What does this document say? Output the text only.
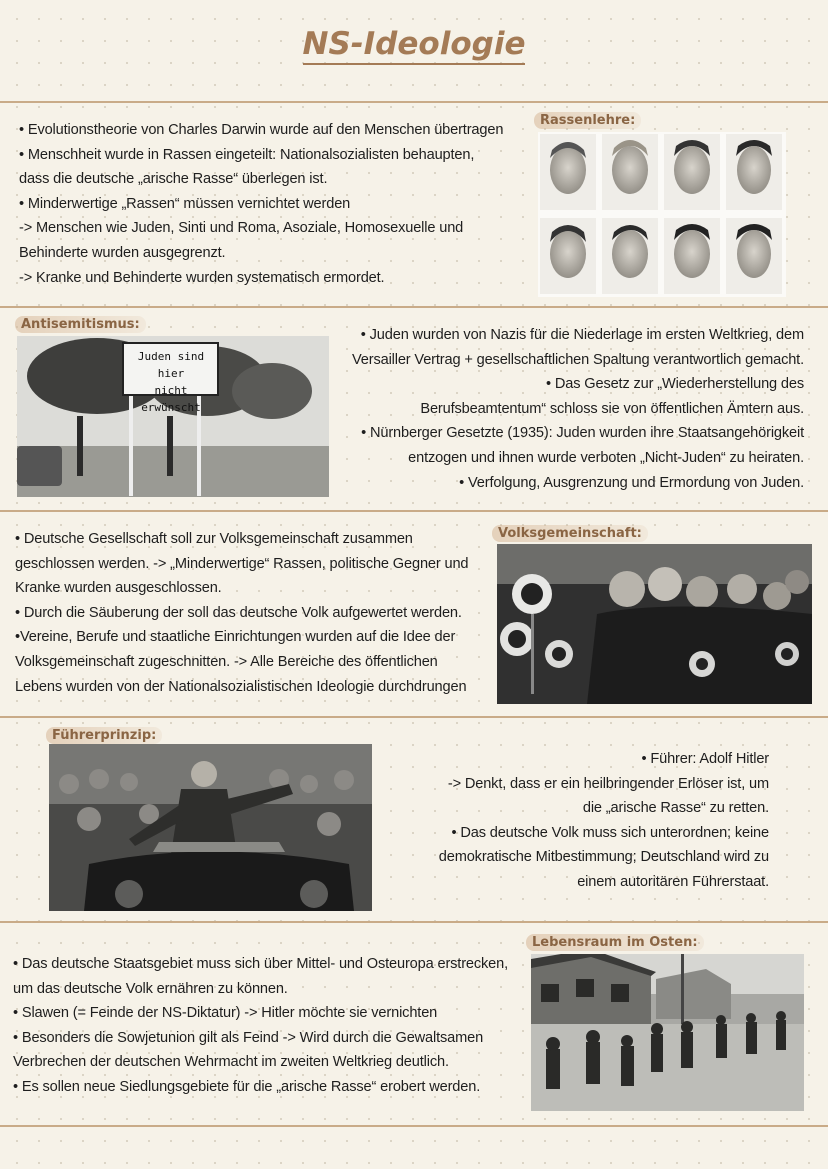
NS-Ideologie
• Evolutionstheorie von Charles Darwin wurde auf den Menschen übertragen
• Menschheit wurde in Rassen eingeteilt: Nationalsozialisten behaupten,
dass die deutsche „arische Rasse“ überlegen ist.
• Minderwertige „Rassen“ müssen vernichtet werden
-> Menschen wie Juden, Sinti und Roma, Asoziale, Homosexuelle und
Behinderte wurden ausgegrenzt.
-> Kranke und Behinderte wurden systematisch ermordet.
Rassenlehre:
Antisemitismus:
Juden sind hier
nicht erwünscht
• Juden wurden von Nazis für die Niederlage im ersten Weltkrieg, dem
Versailler Vertrag + gesellschaftlichen Spaltung verantwortlich gemacht.
• Das Gesetz zur „Wiederherstellung des
Berufsbeamtentum“ schloss sie von öffentlichen Ämtern aus.
• Nürnberger Gesetzte (1935): Juden wurden ihre Staatsangehörigkeit
entzogen und ihnen wurde verboten „Nicht-Juden“ zu heiraten.
• Verfolgung, Ausgrenzung und Ermordung von Juden.
• Deutsche Gesellschaft soll zur Volksgemeinschaft zusammen
geschlossen werden. -> „Minderwertige“ Rassen, politische Gegner und
Kranke wurden ausgeschlossen.
• Durch die Säuberung der soll das deutsche Volk aufgewertet werden.
•Vereine, Berufe und staatliche Einrichtungen wurden auf die Idee der
Volksgemeinschaft zugeschnitten. -> Alle Bereiche des öffentlichen
Lebens wurden von der Nationalsozialistischen Ideologie durchdrungen
Volksgemeinschaft:
Führerprinzip:
• Führer: Adolf Hitler
-> Denkt, dass er ein heilbringender Erlöser ist, um
die „arische Rasse“ zu retten.
• Das deutsche Volk muss sich unterordnen; keine
demokratische Mitbestimmung; Deutschland wird zu
einem autoritären Führerstaat.
• Das deutsche Staatsgebiet muss sich über Mittel- und Osteuropa erstrecken,
um das deutsche Volk ernähren zu können.
• Slawen (= Feinde der NS-Diktatur) -> Hitler möchte sie vernichten
• Besonders die Sowjetunion gilt als Feind -> Wird durch die Gewaltsamen
Verbrechen der deutschen Wehrmacht im zweiten Weltkrieg deutlich.
• Es sollen neue Siedlungsgebiete für die „arische Rasse“ erobert werden.
Lebensraum im Osten:
